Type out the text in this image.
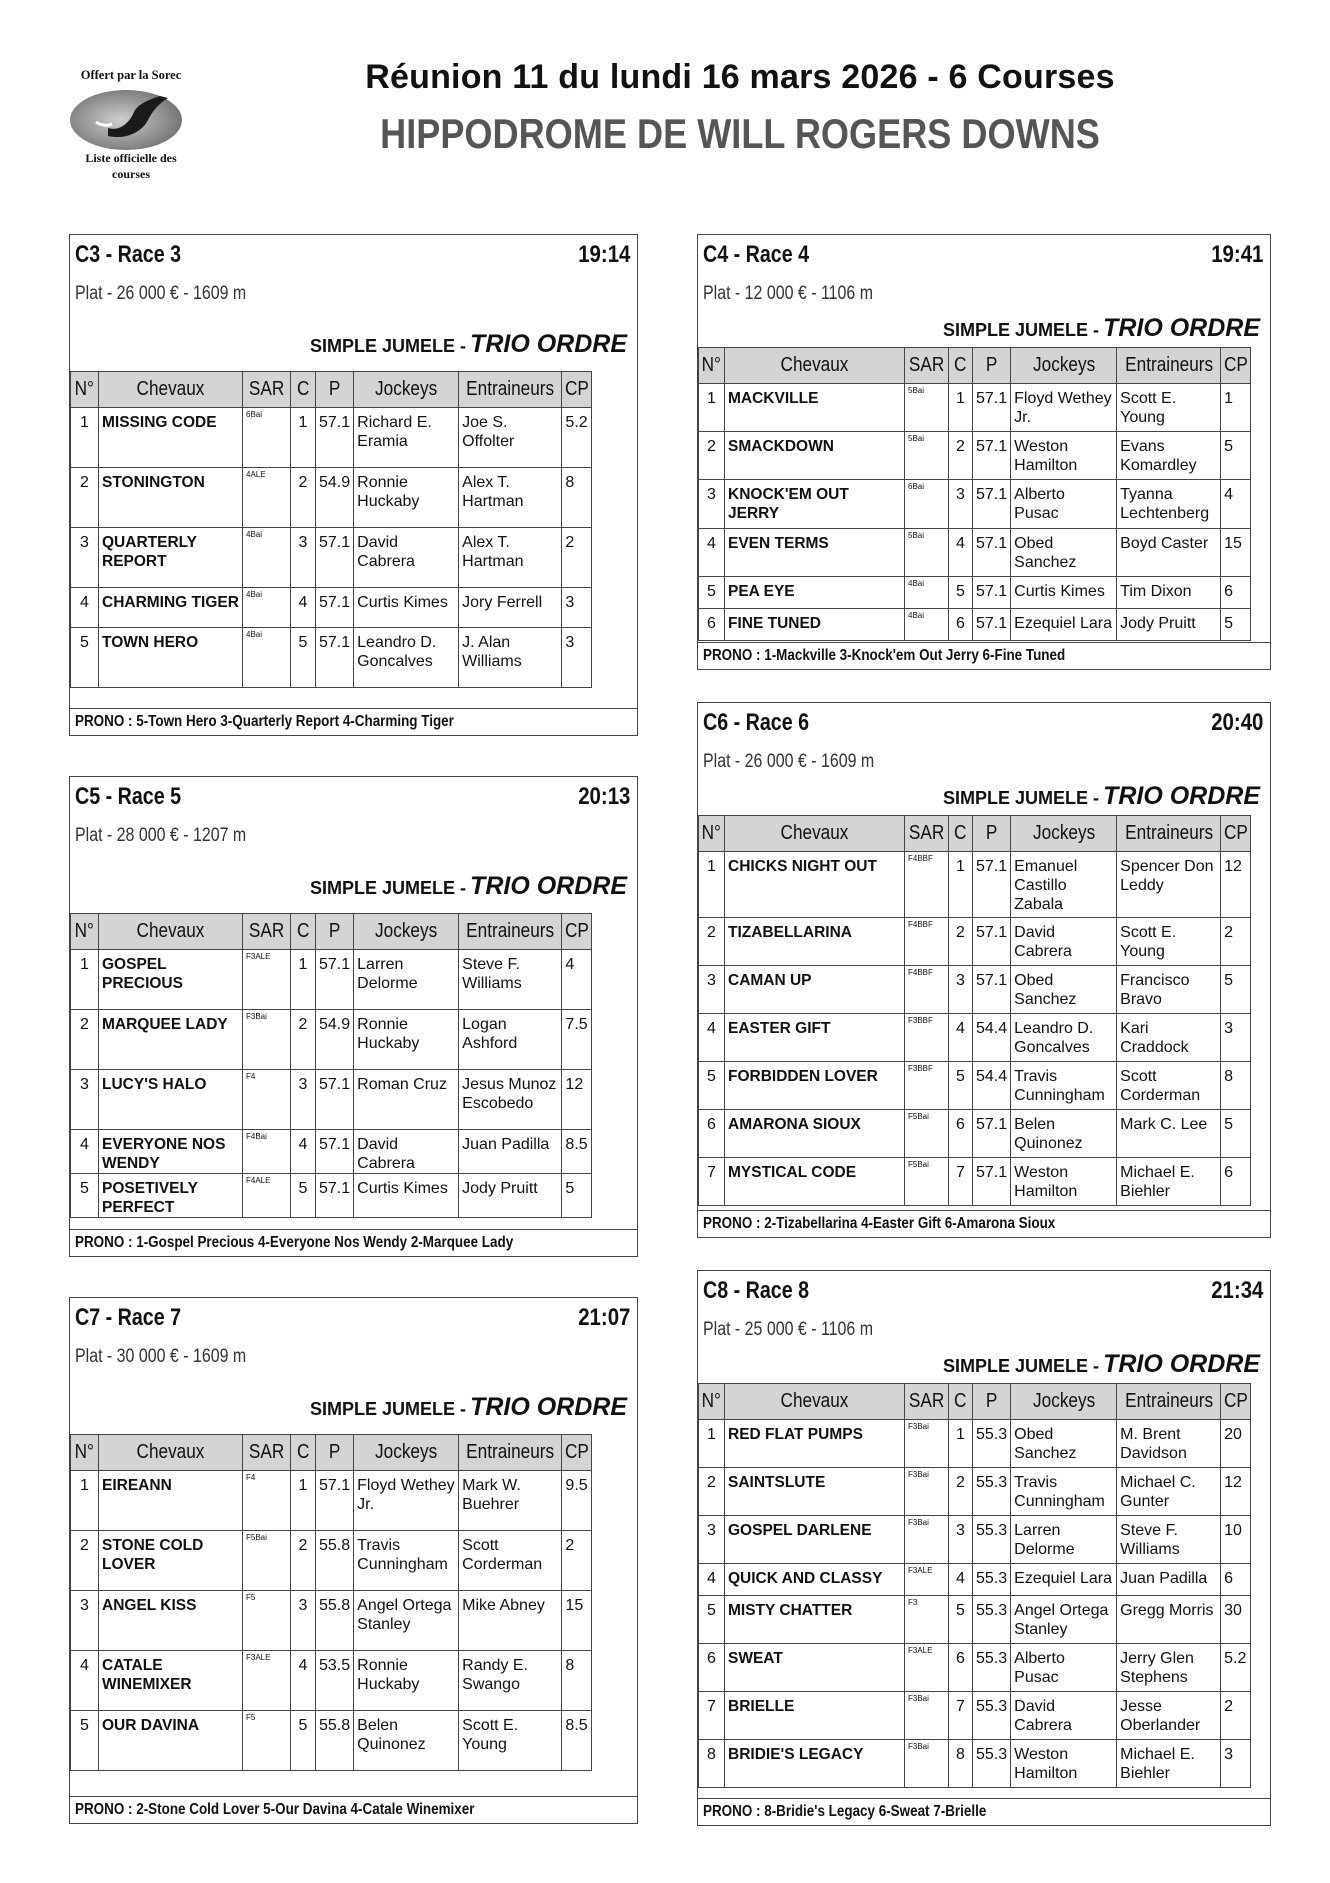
Offert par la Sorec
Liste officielle des courses
Réunion 11 du lundi 16 mars 2026 - 6 Courses
HIPPODROME DE WILL ROGERS DOWNS
C3 - Race 3	19:14
Plat - 26 000 € - 1609 m
SIMPLE JUMELE - TRIO ORDRE
N°	Chevaux	SAR	C	P	Jockeys	Entraineurs	CP
1	MISSING CODE	6Bai	1	57.1	Richard E. Eramia	Joe S. Offolter	5.2
2	STONINGTON	4ALE	2	54.9	Ronnie Huckaby	Alex T. Hartman	8
3	QUARTERLY REPORT	4Bai	3	57.1	David Cabrera	Alex T. Hartman	2
4	CHARMING TIGER	4Bai	4	57.1	Curtis Kimes	Jory Ferrell	3
5	TOWN HERO	4Bai	5	57.1	Leandro D. Goncalves	J. Alan Williams	3
PRONO : 5-Town Hero 3-Quarterly Report 4-Charming Tiger
C4 - Race 4	19:41
Plat - 12 000 € - 1106 m
SIMPLE JUMELE - TRIO ORDRE
N°	Chevaux	SAR	C	P	Jockeys	Entraineurs	CP
1	MACKVILLE	5Bai	1	57.1	Floyd Wethey Jr.	Scott E. Young	1
2	SMACKDOWN	5Bai	2	57.1	Weston Hamilton	Evans Komardley	5
3	KNOCK'EM OUT JERRY	6Bai	3	57.1	Alberto Pusac	Tyanna Lechtenberg	4
4	EVEN TERMS	5Bai	4	57.1	Obed Sanchez	Boyd Caster	15
5	PEA EYE	4Bai	5	57.1	Curtis Kimes	Tim Dixon	6
6	FINE TUNED	4Bai	6	57.1	Ezequiel Lara	Jody Pruitt	5
PRONO : 1-Mackville 3-Knock'em Out Jerry 6-Fine Tuned
C5 - Race 5	20:13
Plat - 28 000 € - 1207 m
SIMPLE JUMELE - TRIO ORDRE
N°	Chevaux	SAR	C	P	Jockeys	Entraineurs	CP
1	GOSPEL PRECIOUS	F3ALE	1	57.1	Larren Delorme	Steve F. Williams	4
2	MARQUEE LADY	F3Bai	2	54.9	Ronnie Huckaby	Logan Ashford	7.5
3	LUCY'S HALO	F4	3	57.1	Roman Cruz	Jesus Munoz Escobedo	12
4	EVERYONE NOS WENDY	F4Bai	4	57.1	David Cabrera	Juan Padilla	8.5
5	POSETIVELY PERFECT	F4ALE	5	57.1	Curtis Kimes	Jody Pruitt	5
PRONO : 1-Gospel Precious 4-Everyone Nos Wendy 2-Marquee Lady
C6 - Race 6	20:40
Plat - 26 000 € - 1609 m
SIMPLE JUMELE - TRIO ORDRE
N°	Chevaux	SAR	C	P	Jockeys	Entraineurs	CP
1	CHICKS NIGHT OUT	F4BBF	1	57.1	Emanuel Castillo Zabala	Spencer Don Leddy	12
2	TIZABELLARINA	F4BBF	2	57.1	David Cabrera	Scott E. Young	2
3	CAMAN UP	F4BBF	3	57.1	Obed Sanchez	Francisco Bravo	5
4	EASTER GIFT	F3BBF	4	54.4	Leandro D. Goncalves	Kari Craddock	3
5	FORBIDDEN LOVER	F3BBF	5	54.4	Travis Cunningham	Scott Corderman	8
6	AMARONA SIOUX	F5Bai	6	57.1	Belen Quinonez	Mark C. Lee	5
7	MYSTICAL CODE	F5Bai	7	57.1	Weston Hamilton	Michael E. Biehler	6
PRONO : 2-Tizabellarina 4-Easter Gift 6-Amarona Sioux
C7 - Race 7	21:07
Plat - 30 000 € - 1609 m
SIMPLE JUMELE - TRIO ORDRE
N°	Chevaux	SAR	C	P	Jockeys	Entraineurs	CP
1	EIREANN	F4	1	57.1	Floyd Wethey Jr.	Mark W. Buehrer	9.5
2	STONE COLD LOVER	F5Bai	2	55.8	Travis Cunningham	Scott Corderman	2
3	ANGEL KISS	F5	3	55.8	Angel Ortega Stanley	Mike Abney	15
4	CATALE WINEMIXER	F3ALE	4	53.5	Ronnie Huckaby	Randy E. Swango	8
5	OUR DAVINA	F5	5	55.8	Belen Quinonez	Scott E. Young	8.5
PRONO : 2-Stone Cold Lover 5-Our Davina 4-Catale Winemixer
C8 - Race 8	21:34
Plat - 25 000 € - 1106 m
SIMPLE JUMELE - TRIO ORDRE
N°	Chevaux	SAR	C	P	Jockeys	Entraineurs	CP
1	RED FLAT PUMPS	F3Bai	1	55.3	Obed Sanchez	M. Brent Davidson	20
2	SAINTSLUTE	F3Bai	2	55.3	Travis Cunningham	Michael C. Gunter	12
3	GOSPEL DARLENE	F3Bai	3	55.3	Larren Delorme	Steve F. Williams	10
4	QUICK AND CLASSY	F3ALE	4	55.3	Ezequiel Lara	Juan Padilla	6
5	MISTY CHATTER	F3	5	55.3	Angel Ortega Stanley	Gregg Morris	30
6	SWEAT	F3ALE	6	55.3	Alberto Pusac	Jerry Glen Stephens	5.2
7	BRIELLE	F3Bai	7	55.3	David Cabrera	Jesse Oberlander	2
8	BRIDIE'S LEGACY	F3Bai	8	55.3	Weston Hamilton	Michael E. Biehler	3
PRONO : 8-Bridie's Legacy 6-Sweat 7-Brielle
